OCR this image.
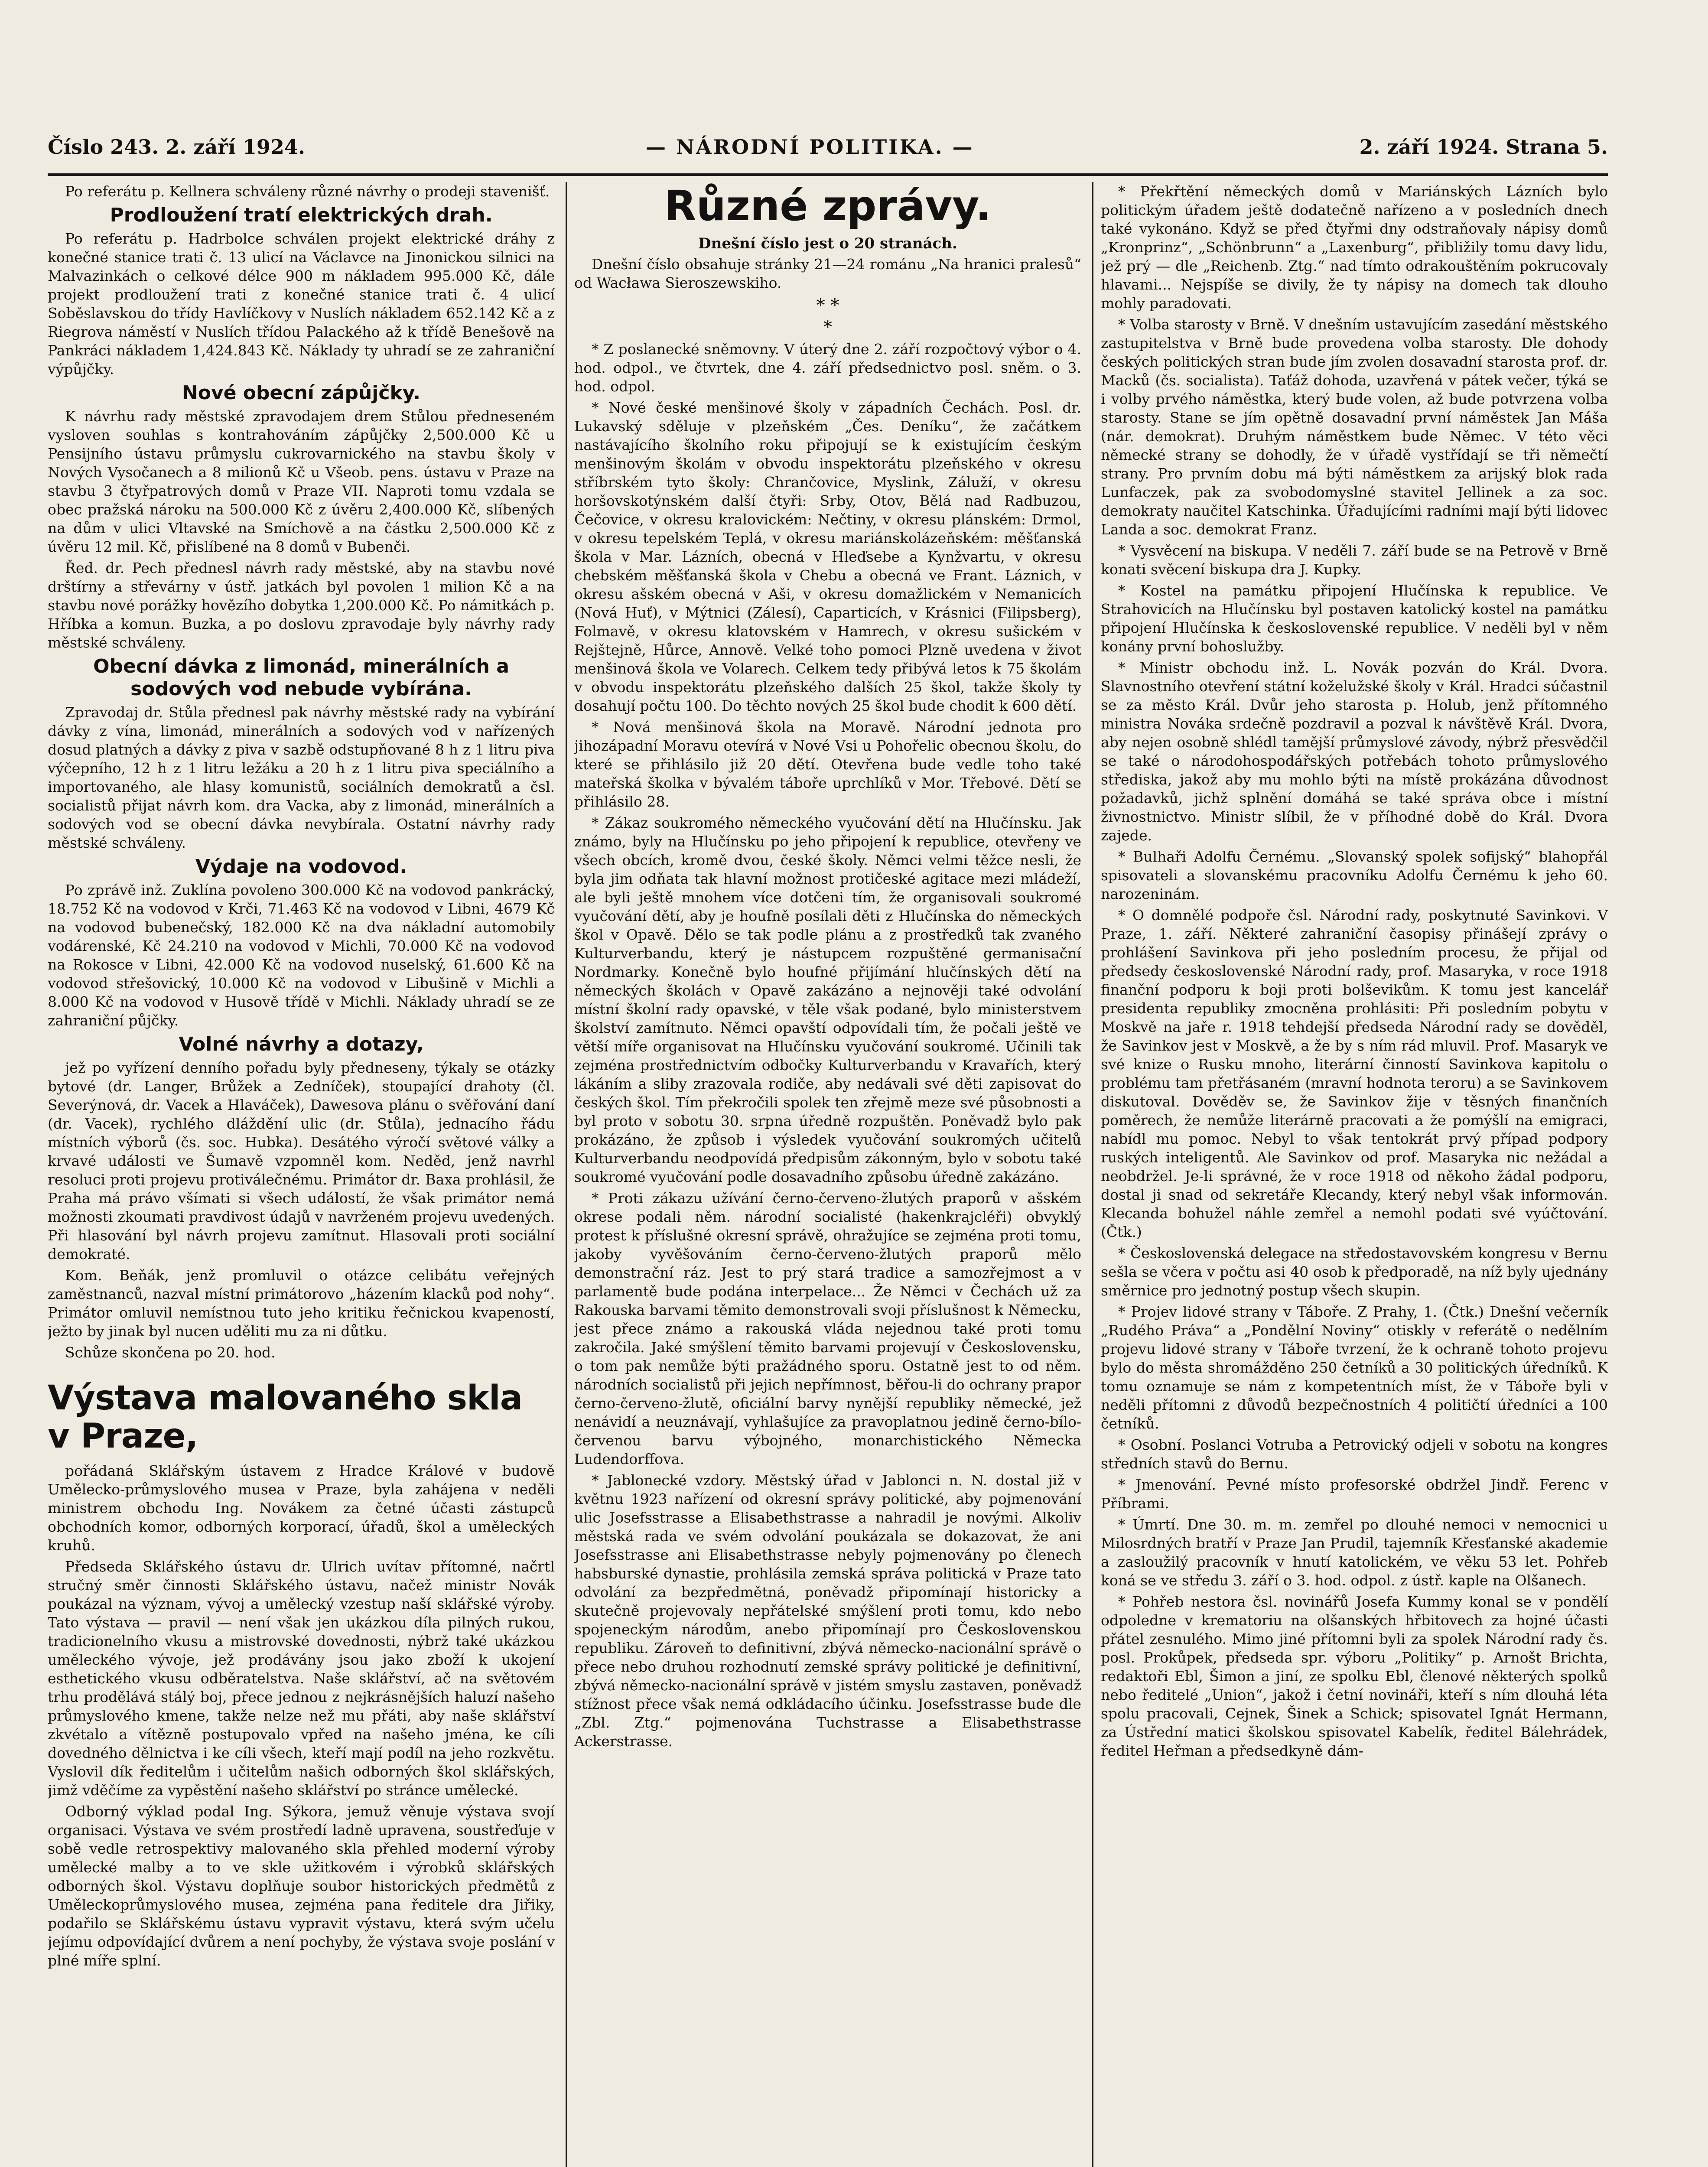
Číslo 243. 2. září 1924.	— NÁRODNÍ POLITIKA. —	2. září 1924. Strana 5.

Po referátu p. Kellnera schváleny různé návrhy o prodeji stavenišť.

Prodloužení tratí elektrických drah.

Po referátu p. Hadrbolce schválen projekt elektrické dráhy z konečné stanice trati č. 13 ulicí na Václavce na Jinonickou silnici na Malvazinkách o celkové délce 900 m nákladem 995.000 Kč, dále projekt prodloužení trati z konečné stanice trati č. 4 ulicí Soběslavskou do třídy Havlíčkovy v Nuslích nákladem 652.142 Kč a z Riegrova náměstí v Nuslích třídou Palackého až k třídě Benešově na Pankráci nákladem 1,424.843 Kč. Náklady ty uhradí se ze zahraniční výpůjčky.

Nové obecní zápůjčky.

K návrhu rady městské zpravodajem drem Stůlou předneseném vysloven souhlas s kontrahováním zápůjčky 2,500.000 Kč u Pensijního ústavu průmyslu cukrovarnického na stavbu školy v Nových Vysočanech a 8 milionů Kč u Všeob. pens. ústavu v Praze na stavbu 3 čtyřpatrových domů v Praze VII. Naproti tomu vzdala se obec pražská nároku na 500.000 Kč z úvěru 2,400.000 Kč, slíbených na dům v ulici Vltavské na Smíchově a na částku 2,500.000 Kč z úvěru 12 mil. Kč, přislíbené na 8 domů v Bubenči.

Řed. dr. Pech přednesl návrh rady městské, aby na stavbu nové drštírny a střevárny v ústř. jatkách byl povolen 1 milion Kč a na stavbu nové porážky hovězího dobytka 1,200.000 Kč. Po námitkách p. Hříbka a komun. Buzka, a po doslovu zpravodaje byly návrhy rady městské schváleny.

Obecní dávka z limonád, minerálních a sodových vod nebude vybírána.

Zpravodaj dr. Stůla přednesl pak návrhy městské rady na vybírání dávky z vína, limonád, minerálních a sodových vod v nařízených dosud platných a dávky z piva v sazbě odstupňované 8 h z 1 litru piva výčepního, 12 h z 1 litru ležáku a 20 h z 1 litru piva speciálního a importovaného, ale hlasy komunistů, sociálních demokratů a čsl. socialistů přijat návrh kom. dra Vacka, aby z limonád, minerálních a sodových vod se obecní dávka nevybírala. Ostatní návrhy rady městské schváleny.

Výdaje na vodovod.

Po zprávě inž. Zuklína povoleno 300.000 Kč na vodovod pankrácký, 18.752 Kč na vodovod v Krči, 71.463 Kč na vodovod v Libni, 4679 Kč na vodovod bubenečský, 182.000 Kč na dva nákladní automobily vodárenské, Kč 24.210 na vodovod v Michli, 70.000 Kč na vodovod na Rokosce v Libni, 42.000 Kč na vodovod nuselský, 61.600 Kč na vodovod střešovický, 10.000 Kč na vodovod v Libušině v Michli a 8.000 Kč na vodovod v Husově třídě v Michli. Náklady uhradí se ze zahraniční půjčky.

Volné návrhy a dotazy,

jež po vyřízení denního pořadu byly předneseny, týkaly se otázky bytové (dr. Langer, Brůžek a Zedníček), stoupající drahoty (čl. Severýnová, dr. Vacek a Hlaváček), Dawesova plánu o svěřování daní (dr. Vacek), rychlého dláždění ulic (dr. Stůla), jednacího řádu místních výborů (čs. soc. Hubka). Desátého výročí světové války a krvavé události ve Šumavě vzpomněl kom. Neděd, jenž navrhl resoluci proti projevu protiválečnému. Primátor dr. Baxa prohlásil, že Praha má právo všímati si všech událostí, že však primátor nemá možnosti zkoumati pravdivost údajů v navrženém projevu uvedených. Při hlasování byl návrh projevu zamítnut. Hlasovali proti sociální demokraté.

Kom. Beňák, jenž promluvil o otázce celibátu veřejných zaměstnanců, nazval místní primátorovo „házením klacků pod nohy“. Primátor omluvil nemístnou tuto jeho kritiku řečnickou kvapeností, ježto by jinak byl nucen uděliti mu za ni důtku.

Schůze skončena po 20. hod.

Výstava malovaného skla v Praze,

pořádaná Sklářským ústavem z Hradce Králové v budově Umělecko-průmyslového musea v Praze, byla zahájena v neděli ministrem obchodu Ing. Novákem za četné účasti zástupců obchodních komor, odborných korporací, úřadů, škol a uměleckých kruhů.

Předseda Sklářského ústavu dr. Ulrich uvítav přítomné, načrtl stručný směr činnosti Sklářského ústavu, načež ministr Novák poukázal na význam, vývoj a umělecký vzestup naší sklářské výroby. Tato výstava — pravil — není však jen ukázkou díla pilných rukou, tradicionelního vkusu a mistrovské dovednosti, nýbrž také ukázkou uměleckého vývoje, jež prodávány jsou jako zboží k ukojení esthetického vkusu odběratelstva. Naše sklářství, ač na světovém trhu prodělává stálý boj, přece jednou z nejkrásnějších haluzí našeho průmyslového kmene, takže nelze než mu přáti, aby naše sklářství zkvétalo a vítězně postupovalo vpřed na našeho jména, ke cíli dovedného dělnictva i ke cíli všech, kteří mají podíl na jeho rozkvětu. Vyslovil dík ředitelům i učitelům našich odborných škol sklářských, jimž vděčíme za vypěstění našeho sklářství po stránce umělecké.

Odborný výklad podal Ing. Sýkora, jemuž věnuje výstava svojí organisaci. Výstava ve svém prostředí ladně upravena, soustřeďuje v sobě vedle retrospektivy malovaného skla přehled moderní výroby umělecké malby a to ve skle užitkovém i výrobků sklářských odborných škol. Výstavu doplňuje soubor historických předmětů z Uměleckoprůmyslového musea, zejména pana ředitele dra Jiřiky, podařilo se Sklářskému ústavu vypravit výstavu, která svým učelu jejímu odpovídající dvůrem a není pochyby, že výstava svoje poslání v plné míře splní.

Různé zprávy.
Dnešní číslo jest o 20 stranách.

Dnešní číslo obsahuje stránky 21—24 románu „Na hranici pralesů“ od Wacława Sieroszewskiho.

* *
*

* Z poslanecké sněmovny. V úterý dne 2. září rozpočtový výbor o 4. hod. odpol., ve čtvrtek, dne 4. září předsednictvo posl. sněm. o 3. hod. odpol.

* Nové české menšinové školy v západních Čechách. Posl. dr. Lukavský sděluje v plzeňském „Čes. Deníku“, že začátkem nastávajícího školního roku připojují se k existujícím českým menšinovým školám v obvodu inspektorátu plzeňského v okresu stříbrském tyto školy: Chrančovice, Myslink, Záluží, v okresu horšovskotýnském další čtyři: Srby, Otov, Bělá nad Radbuzou, Čečovice, v okresu kralovickém: Nečtiny, v okresu plánském: Drmol, v okresu tepelském Teplá, v okresu mariánskolázeňském: měšťanská škola v Mar. Lázních, obecná v Hleďsebe a Kynžvartu, v okresu chebském měšťanská škola v Chebu a obecná ve Frant. Láznich, v okresu ašském obecná v Aši, v okresu domažlickém v Nemanicích (Nová Huť), v Mýtnici (Zálesí), Caparticích, v Krásnici (Filipsberg), Folmavě, v okresu klatovském v Hamrech, v okresu sušickém v Rejštejně, Hůrce, Annově. Velké toho pomoci Plzně uvedena v život menšinová škola ve Volarech. Celkem tedy přibývá letos k 75 školám v obvodu inspektorátu plzeňského dalších 25 škol, takže školy ty dosahují počtu 100. Do těchto nových 25 škol bude chodit k 600 dětí.

* Nová menšinová škola na Moravě. Národní jednota pro jihozápadní Moravu otevírá v Nové Vsi u Pohořelic obecnou školu, do které se přihlásilo již 20 dětí. Otevřena bude vedle toho také mateřská školka v bývalém táboře uprchlíků v Mor. Třebové. Dětí se přihlásilo 28.

* Zákaz soukromého německého vyučování dětí na Hlučínsku. Jak známo, byly na Hlučínsku po jeho připojení k republice, otevřeny ve všech obcích, kromě dvou, české školy. Němci velmi těžce nesli, že byla jim odňata tak hlavní možnost protičeské agitace mezi mládeží, ale byli ještě mnohem více dotčeni tím, že organisovali soukromé vyučování dětí, aby je houfně posílali děti z Hlučínska do německých škol v Opavě. Dělo se tak podle plánu a z prostředků tak zvaného Kulturverbandu, který je nástupcem rozpuštěné germanisační Nordmarky. Konečně bylo houfné přijímání hlučínských dětí na německých školách v Opavě zakázáno a nejnověji také odvolání místní školní rady opavské, v těle však podané, bylo ministerstvem školství zamítnuto. Němci opavští odpovídali tím, že počali ještě ve větší míře organisovat na Hlučínsku vyučování soukromé. Učinili tak zejména prostřednictvím odbočky Kulturverbandu v Kravařích, který lákáním a sliby zrazovala rodiče, aby nedávali své děti zapisovat do českých škol. Tím překročili spolek ten zřejmě meze své působnosti a byl proto v sobotu 30. srpna úředně rozpuštěn. Poněvadž bylo pak prokázáno, že způsob i výsledek vyučování soukromých učitelů Kulturverbandu neodpovídá předpisům zákonným, bylo v sobotu také soukromé vyučování podle dosavadního způsobu úředně zakázáno.

* Proti zákazu užívání černo-červeno-žlutých praporů v ašském okrese podali něm. národní socialisté (hakenkrajcléři) obvyklý protest k příslušné okresní správě, ohražujíce se zejména proti tomu, jakoby vyvěšováním černo-červeno-žlutých praporů mělo demonstrační ráz. Jest to prý stará tradice a samozřejmost a v parlamentě bude podána interpelace... Že Němci v Čechách už za Rakouska barvami těmito demonstrovali svoji příslušnost k Německu, jest přece známo a rakouská vláda nejednou také proti tomu zakročila. Jaké smýšlení těmito barvami projevují v Československu, o tom pak nemůže býti pražádného sporu. Ostatně jest to od něm. národních socialistů při jejich nepřímnost, běřou-li do ochrany prapor černo-červeno-žlutě, oficiální barvy nynější republiky německé, jež nenávidí a neuznávají, vyhlašujíce za pravoplatnou jedině černo-bílo-červenou barvu výbojného, monarchistického Německa Ludendorffova.

* Jablonecké vzdory. Městský úřad v Jablonci n. N. dostal již v květnu 1923 nařízení od okresní správy politické, aby pojmenování ulic Josefsstrasse a Elisabethstrasse a nahradil je novými. Alkoliv městská rada ve svém odvolání poukázala se dokazovat, že ani Josefsstrasse ani Elisabethstrasse nebyly pojmenovány po členech habsburské dynastie, prohlásila zemská správa politická v Praze tato odvolání za bezpředmětná, poněvadž připomínají historicky a skutečně projevovaly nepřátelské smýšlení proti tomu, kdo nebo spojeneckým národům, anebo připomínají pro Československou republiku. Zároveň to definitivní, zbývá německo-nacionální správě o přece nebo druhou rozhodnutí zemské správy politické je definitivní, zbývá německo-nacionální správě v jistém smyslu zastaven, poněvadž stížnost přece však nemá odkládacího účinku. Josefsstrasse bude dle „Zbl. Ztg.“ pojmenována Tuchstrasse a Elisabethstrasse Ackerstrasse.

* Překřtění německých domů v Mariánských Lázních bylo politickým úřadem ještě dodatečně nařízeno a v posledních dnech také vykonáno. Když se před čtyřmi dny odstraňovaly nápisy domů „Kronprinz“, „Schönbrunn“ a „Laxenburg“, přibližily tomu davy lidu, jež prý — dle „Reichenb. Ztg.“ nad tímto odrakouštěním pokrucovaly hlavami... Nejspíše se divily, že ty nápisy na domech tak dlouho mohly paradovati.

* Volba starosty v Brně. V dnešním ustavujícím zasedání městského zastupitelstva v Brně bude provedena volba starosty. Dle dohody českých politických stran bude jím zvolen dosavadní starosta prof. dr. Macků (čs. socialista). Taťáž dohoda, uzavřená v pátek večer, týká se i volby prvého náměstka, který bude volen, až bude potvrzena volba starosty. Stane se jím opětně dosavadní první náměstek Jan Máša (nár. demokrat). Druhým náměstkem bude Němec. V této věci německé strany se dohodly, že v úřadě vystřídají se tři němečtí strany. Pro prvním dobu má býti náměstkem za arijský blok rada Lunfaczek, pak za svobodomyslné stavitel Jellinek a za soc. demokraty naučitel Katschinka. Úřadujícími radními mají býti lidovec Landa a soc. demokrat Franz.

* Vysvěcení na biskupa. V neděli 7. září bude se na Petrově v Brně konati svěcení biskupa dra J. Kupky.

* Kostel na památku připojení Hlučínska k republice. Ve Strahovicích na Hlučínsku byl postaven katolický kostel na památku připojení Hlučínska k československé republice. V neděli byl v něm konány první bohoslužby.

* Ministr obchodu inž. L. Novák pozván do Král. Dvora. Slavnostního otevření státní koželužské školy v Král. Hradci súčastnil se za město Král. Dvůr jeho starosta p. Holub, jenž přítomného ministra Nováka srdečně pozdravil a pozval k návštěvě Král. Dvora, aby nejen osobně shlédl tamější průmyslové závody, nýbrž přesvědčil se také o národohospodářských potřebách tohoto průmyslového střediska, jakož aby mu mohlo býti na místě prokázána důvodnost požadavků, jichž splnění domáhá se také správa obce i místní živnostnictvo. Ministr slíbil, že v příhodné době do Král. Dvora zajede.

* Bulhaři Adolfu Černému. „Slovanský spolek sofijský“ blahopřál spisovateli a slovanskému pracovníku Adolfu Černému k jeho 60. narozeninám.

* O domnělé podpoře čsl. Národní rady, poskytnuté Savinkovi. V Praze, 1. září. Některé zahraniční časopisy přinášejí zprávy o prohlášení Savinkova při jeho posledním procesu, že přijal od předsedy československé Národní rady, prof. Masaryka, v roce 1918 finanční podporu k boji proti bolševikům. K tomu jest kancelář presidenta republiky zmocněna prohlásiti: Při posledním pobytu v Moskvě na jaře r. 1918 tehdejší předseda Národní rady se dověděl, že Savinkov jest v Moskvě, a že by s ním rád mluvil. Prof. Masaryk ve své knize o Rusku mnoho, literární činností Savinkova kapitolu o problému tam přetřásaném (mravní hodnota teroru) a se Savinkovem diskutoval. Dověděv se, že Savinkov žije v těsných finančních poměrech, že nemůže literárně pracovati a že pomýšlí na emigraci, nabídl mu pomoc. Nebyl to však tentokrát prvý případ podpory ruských inteligentů. Ale Savinkov od prof. Masaryka nic nežádal a neobdržel. Je-li správné, že v roce 1918 od někoho žádal podporu, dostal ji snad od sekretáře Klecandy, který nebyl však informován. Klecanda bohužel náhle zemřel a nemohl podati své vyúčtování. (Čtk.)

* Československá delegace na středostavovském kongresu v Bernu sešla se včera v počtu asi 40 osob k předporadě, na níž byly ujednány směrnice pro jednotný postup všech skupin.

* Projev lidové strany v Táboře. Z Prahy, 1. (Čtk.) Dnešní večerník „Rudého Práva“ a „Pondělní Noviny“ otiskly v referátě o nedělním projevu lidové strany v Táboře tvrzení, že k ochraně tohoto projevu bylo do města shromážděno 250 četníků a 30 politických úředníků. K tomu oznamuje se nám z kompetentních míst, že v Táboře byli v neděli přítomni z důvodů bezpečnostních 4 političtí úředníci a 100 četníků.

* Osobní. Poslanci Votruba a Petrovický odjeli v sobotu na kongres středních stavů do Bernu.

* Jmenování. Pevné místo profesorské obdržel Jindř. Ferenc v Příbrami.

* Úmrtí. Dne 30. m. m. zemřel po dlouhé nemoci v nemocnici u Milosrdných bratří v Praze Jan Prudil, tajemník Křesťanské akademie a zasloužilý pracovník v hnutí katolickém, ve věku 53 let. Pohřeb koná se ve středu 3. září o 3. hod. odpol. z ústř. kaple na Olšanech.

* Pohřeb nestora čsl. novinářů Josefa Kummy konal se v pondělí odpoledne v krematoriu na olšanských hřbitovech za hojné účasti přátel zesnulého. Mimo jiné přítomni byli za spolek Národní rady čs. posl. Prokůpek, předseda spr. výboru „Politiky“ p. Arnošt Brichta, redaktoři Ebl, Šimon a jiní, ze spolku Ebl, členové některých spolků nebo ředitelé „Union“, jakož i četní novináři, kteří s ním dlouhá léta spolu pracovali, Cejnek, Šinek a Schick; spisovatel Ignát Hermann, za Ústřední matici školskou spisovatel Kabelík, ředitel Bálehrádek, ředitel Heřman a předsedkyně dám-
